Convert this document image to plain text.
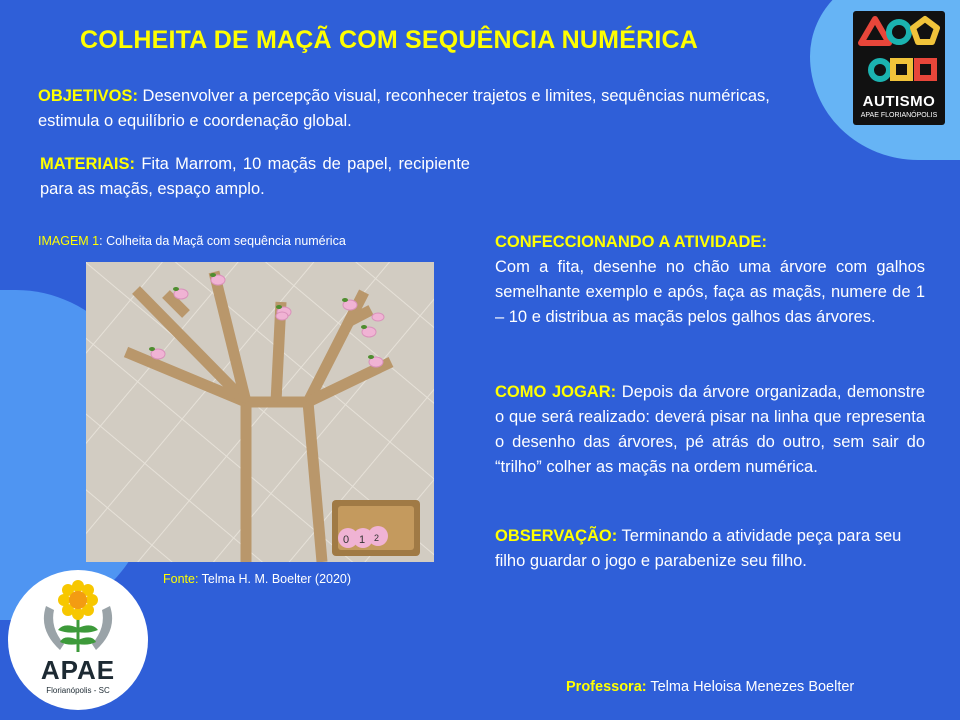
COLHEITA DE MAÇÃ COM SEQUÊNCIA NUMÉRICA
OBJETIVOS: Desenvolver a percepção visual, reconhecer trajetos e limites, sequências numéricas, estimula o equilíbrio e coordenação global.
MATERIAIS: Fita Marrom, 10 maçãs de papel, recipiente para as maçãs, espaço amplo.
IMAGEM 1: Colheita da Maçã com sequência numérica
0 1 2
Fonte: Telma H. M. Boelter (2020)
CONFECCIONANDO A ATIVIDADE:
Com a fita, desenhe no chão uma árvore com galhos semelhante exemplo e após, faça as maçãs, numere de 1 – 10 e distribua as maçãs pelos galhos das árvores.
COMO JOGAR: Depois da árvore organizada, demonstre o que será realizado: deverá pisar na linha que representa o desenho das árvores, pé atrás do outro, sem sair do “trilho” colher as maçãs na ordem numérica.
OBSERVAÇÃO: Terminando a atividade peça para seu filho guardar o jogo e parabenize seu filho.
AUTISMO
APAE FLORIANÓPOLIS
APAE
Florianópolis - SC	Professora: Telma Heloisa Menezes Boelter
